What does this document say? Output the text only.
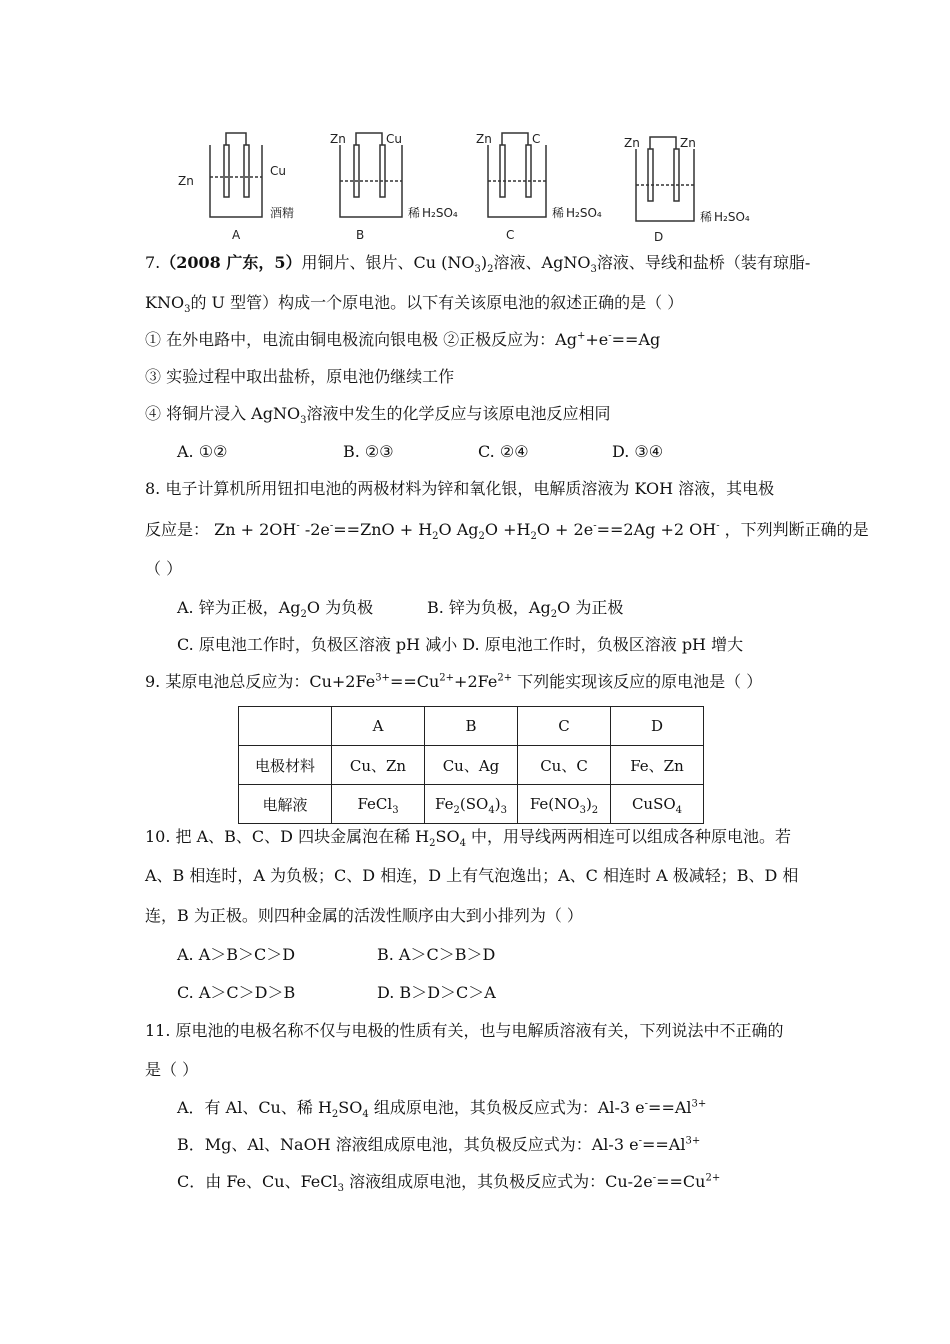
Zn
Cu
酒精
A
Zn	Cu
稀 H₂SO₄
B
Zn	C
稀 H₂SO₄
C
Zn	Zn
稀 H₂SO₄
D
7.（2008 广东，5）用铜片、银片、Cu $(NO_3)_2$溶液、AgNO$_3$溶液、导线和盐桥（装有琼脂-
$KNO_3$的 U 型管）构成一个原电池。以下有关该原电池的叙述正确的是（ ）
① 在外电路中，电流由铜电极流向银电极 ②正极反应为：Ag++e-==Ag
③ 实验过程中取出盐桥，原电池仍继续工作
④ 将铜片浸入 AgNO$_3$溶液中发生的化学反应与该原电池反应相同
A. ①②	B. ②③	C. ②④	D. ③④
8. 电子计算机所用钮扣电池的两极材料为锌和氧化银，电解质溶液为 KOH 溶液，其电极
反应是： Zn + 2OH- $-2e^-==ZnO + H_2O$ $Ag_2O +H_2O + 2e^-==2Ag +2$ OH- ，下列判断正确的是
（ ）
A. 锌为正极，$Ag_2O$ 为负极	B. 锌为负极，$Ag_2O$ 为正极
C. 原电池工作时，负极区溶液 pH 减小 D. 原电池工作时，负极区溶液 pH 增大
9. 某原电池总反应为：$Cu+2Fe^{3+}==Cu^{2+}+2Fe^{2+}$ 下列能实现该反应的原电池是（ ）
	A	B	C	D
电极材料	Cu、Zn	Cu、Ag	Cu、C	Fe、Zn
电解液	FeCl$_3$	$Fe_2(SO_4)_3$	$Fe(NO_3)_2$	CuSO$_4$
10. 把 A、B、C、D 四块金属泡在稀 $H_2SO_4$ 中，用导线两两相连可以组成各种原电池。若
A、B 相连时，A 为负极；C、D 相连，D 上有气泡逸出；A、C 相连时 A 极减轻；B、D 相
连，B 为正极。则四种金属的活泼性顺序由大到小排列为（ ）
A. A＞B＞C＞D	B. A＞C＞B＞D
C. A＞C＞D＞B	D. B＞D＞C＞A
11. 原电池的电极名称不仅与电极的性质有关，也与电解质溶液有关，下列说法中不正确的
是（ ）
A．有 Al、Cu、稀 $H_2SO_4$ 组成原电池，其负极反应式为：Al-3 $e^-==Al^{3+}$
B．Mg、Al、NaOH 溶液组成原电池，其负极反应式为：Al-3 $e^-==Al^{3+}$
C．由 Fe、Cu、FeCl$_3$ 溶液组成原电池，其负极反应式为：$Cu-2e^-==Cu^{2+}$
